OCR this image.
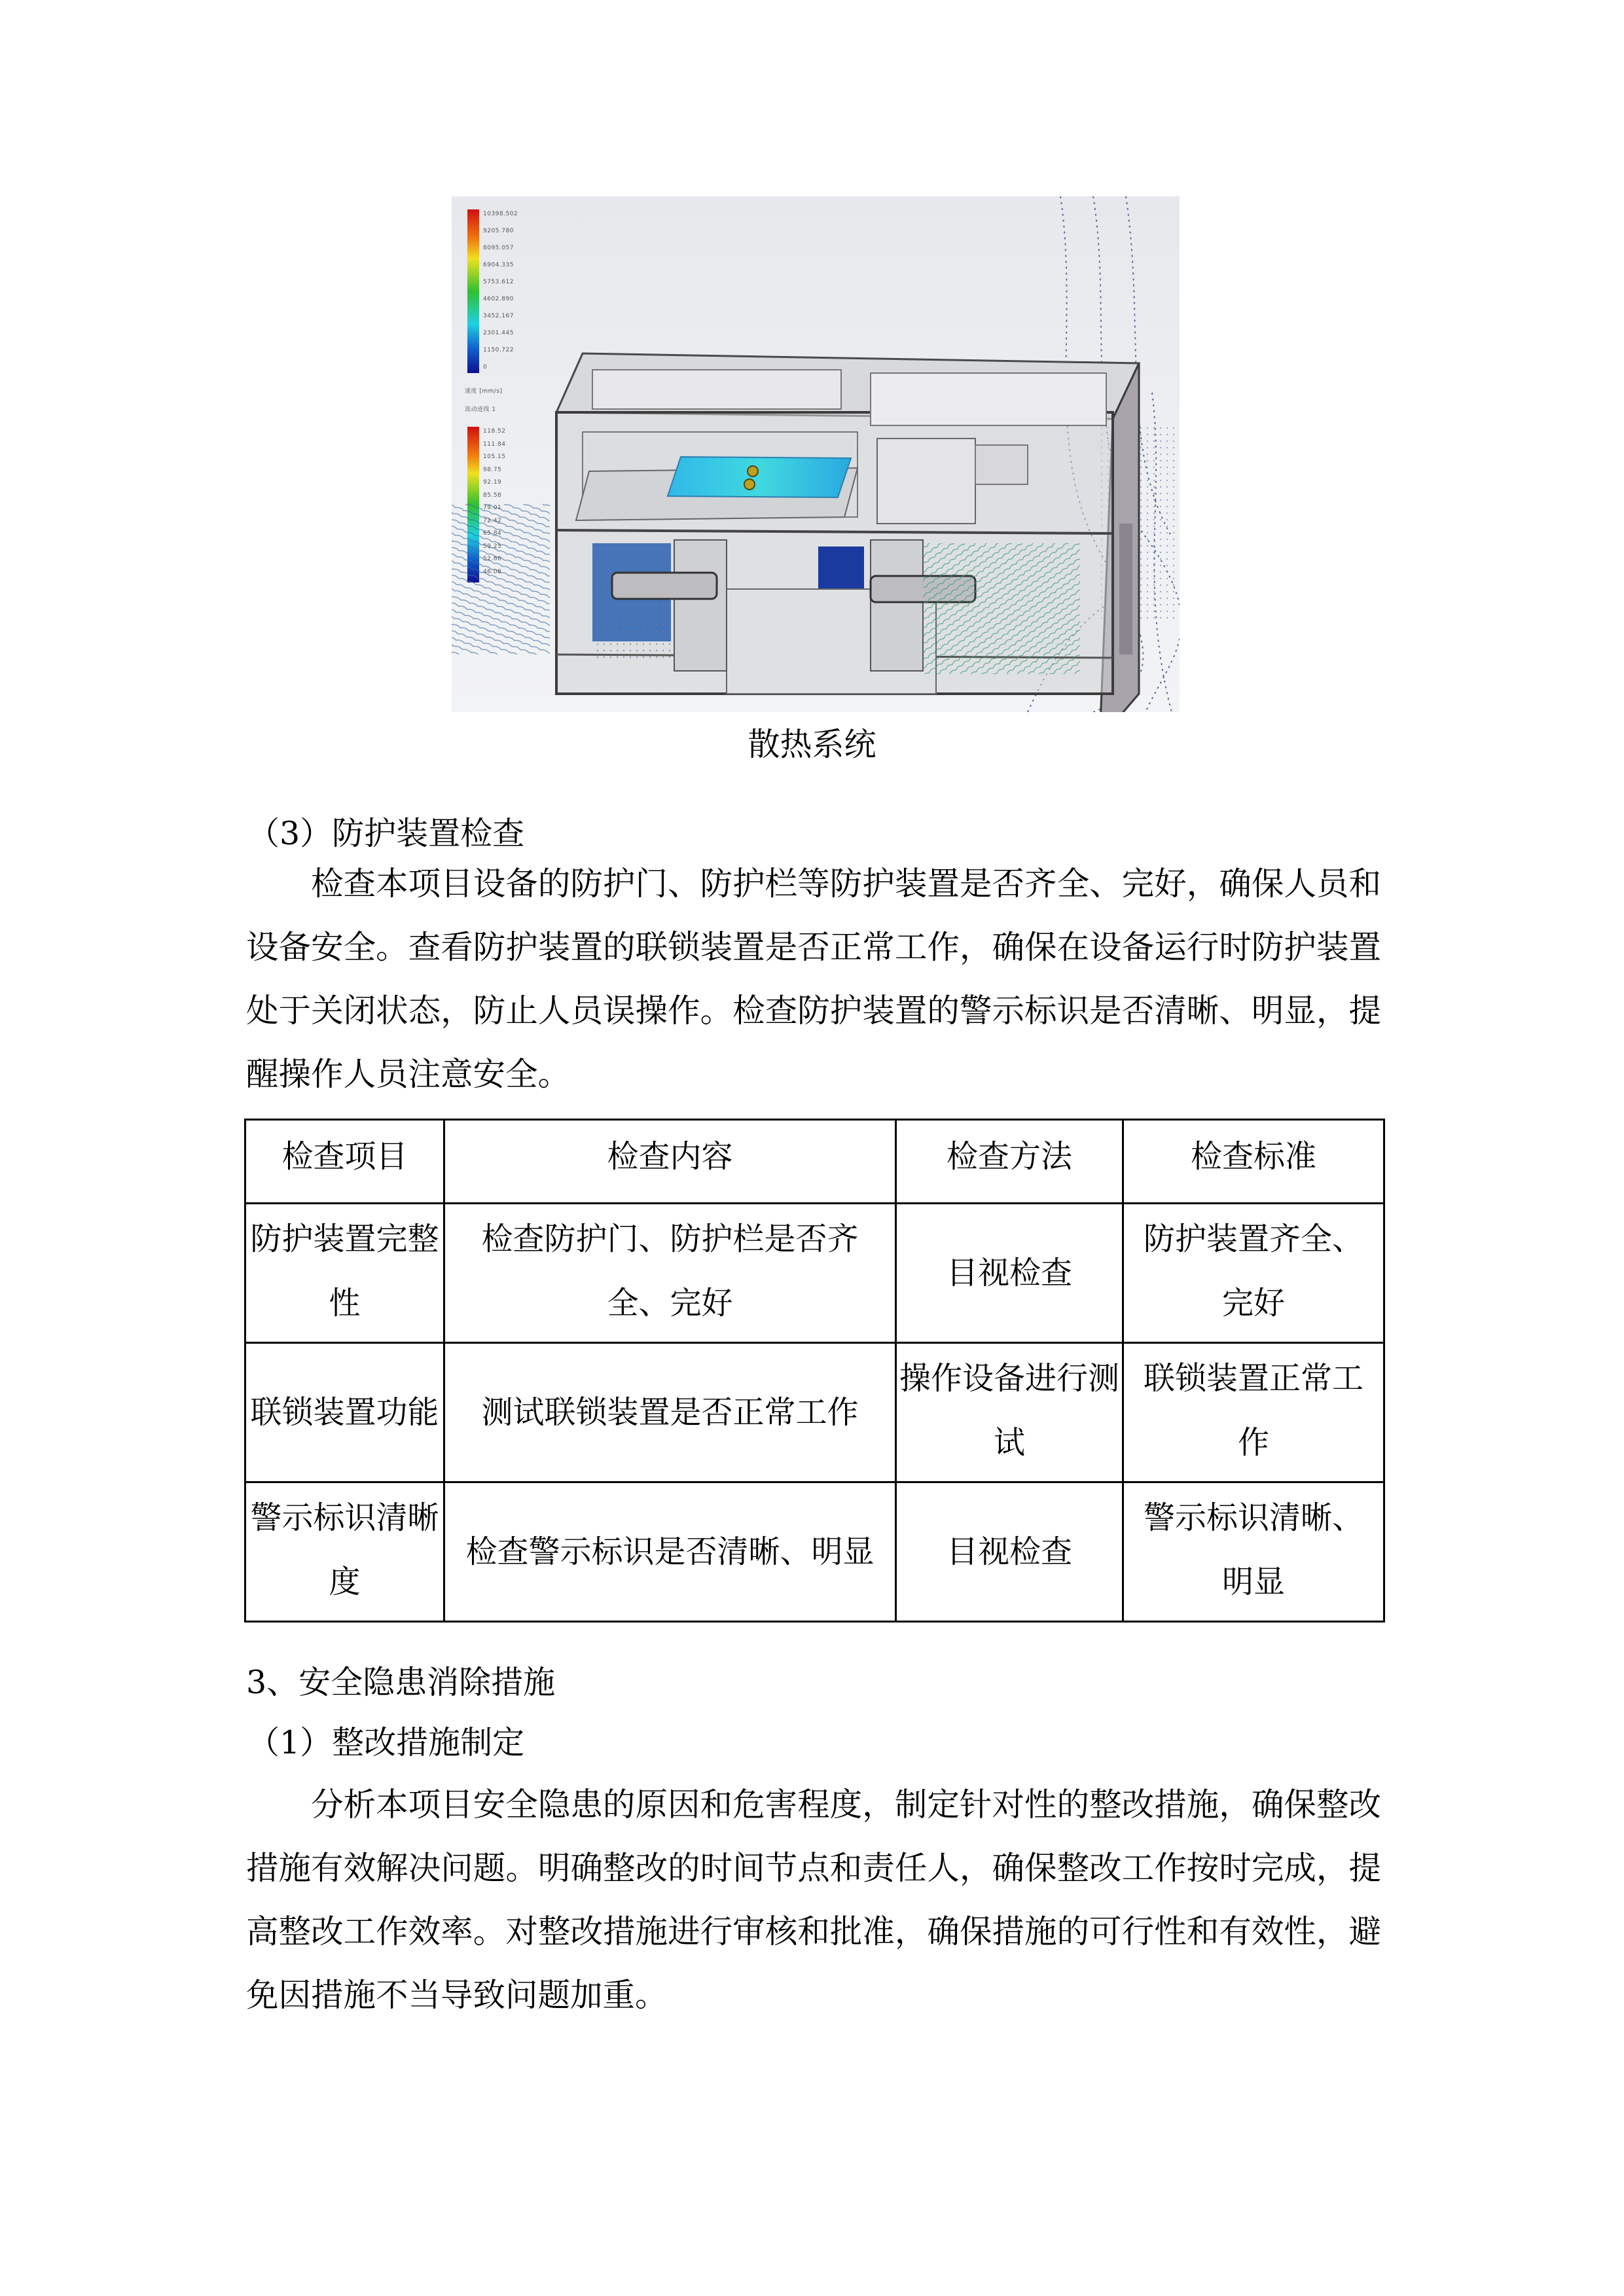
10398.502
9205.780
8095.057
6904.335
5753.612
4602.890
3452.167
2301.445
1150.722
0
速度 [mm/s]
流动迹线 1
118.52
111.84
105.15
98.75
92.19
85.58
79.01
72.42
65.84
59.25
52.66
46.08
散热系统
（3）防护装置检查
检查本项目设备的防护门、防护栏等防护装置是否齐全、完好，确保人员和设备安全。查看防护装置的联锁装置是否正常工作，确保在设备运行时防护装置处于关闭状态，防止人员误操作。检查防护装置的警示标识是否清晰、明显，提醒操作人员注意安全。
检查项目	检查内容	检查方法	检查标准
防护装置完整性	检查防护门、防护栏是否齐全、完好	目视检查	防护装置齐全、完好
联锁装置功能	测试联锁装置是否正常工作	操作设备进行测试	联锁装置正常工作
警示标识清晰度	检查警示标识是否清晰、明显	目视检查	警示标识清晰、明显
3、安全隐患消除措施
（1）整改措施制定
分析本项目安全隐患的原因和危害程度，制定针对性的整改措施，确保整改措施有效解决问题。明确整改的时间节点和责任人，确保整改工作按时完成，提高整改工作效率。对整改措施进行审核和批准，确保措施的可行性和有效性，避免因措施不当导致问题加重。
